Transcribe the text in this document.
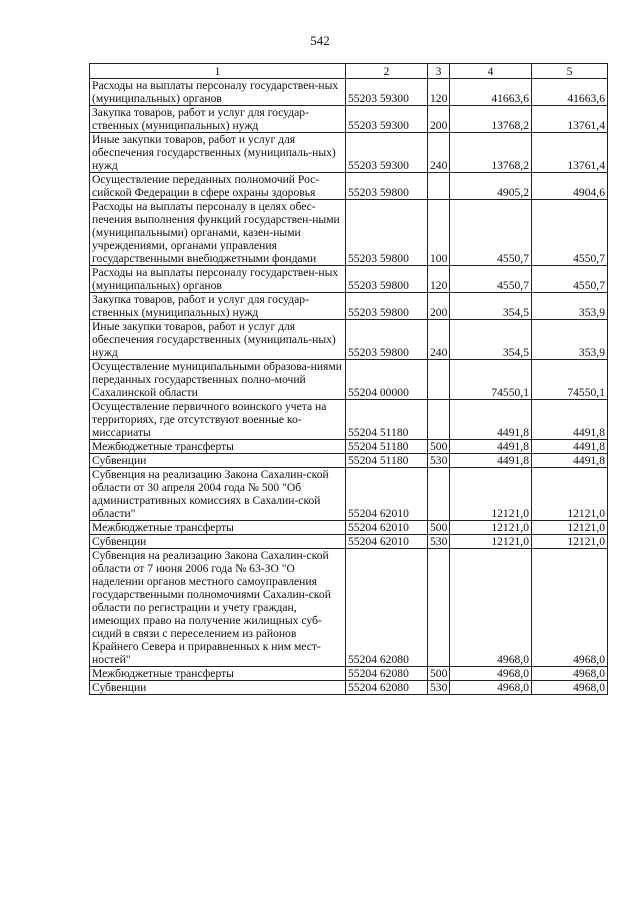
542
1	2	3	4	5
Расходы на выплаты персоналу государствен-ных (муниципальных) органов	55203 59300	120	41663,6	41663,6
Закупка товаров, работ и услуг для государ-ственных (муниципальных) нужд	55203 59300	200	13768,2	13761,4
Иные закупки товаров, работ и услуг для обеспечения государственных (муниципаль-ных) нужд	55203 59300	240	13768,2	13761,4
Осуществление переданных полномочий Рос-сийской Федерации в сфере охраны здоровья	55203 59800		4905,2	4904,6
Расходы на выплаты персоналу в целях обес-печения выполнения функций государствен-ными (муниципальными) органами, казен-ными учреждениями, органами управления государственными внебюджетными фондами	55203 59800	100	4550,7	4550,7
Расходы на выплаты персоналу государствен-ных (муниципальных) органов	55203 59800	120	4550,7	4550,7
Закупка товаров, работ и услуг для государ-ственных (муниципальных) нужд	55203 59800	200	354,5	353,9
Иные закупки товаров, работ и услуг для обеспечения государственных (муниципаль-ных) нужд	55203 59800	240	354,5	353,9
Осуществление муниципальными образова-ниями переданных государственных полно-мочий Сахалинской области	55204 00000		74550,1	74550,1
Осуществление первичного воинского учета на территориях, где отсутствуют военные ко-миссариаты	55204 51180		4491,8	4491,8
Межбюджетные трансферты	55204 51180	500	4491,8	4491,8
Субвенции	55204 51180	530	4491,8	4491,8
Субвенция на реализацию Закона Сахалин-ской области от 30 апреля 2004 года № 500 "Об административных комиссиях в Сахалин-ской области"	55204 62010		12121,0	12121,0
Межбюджетные трансферты	55204 62010	500	12121,0	12121,0
Субвенции	55204 62010	530	12121,0	12121,0
Субвенция на реализацию Закона Сахалин-ской области от 7 июня 2006 года № 63-ЗО "О наделении органов местного самоуправления государственными полномочиями Сахалин-ской области по регистрации и учету граждан, имеющих право на получение жилищных суб-сидий в связи с переселением из районов Крайнего Севера и приравненных к ним мест-ностей"	55204 62080		4968,0	4968,0
Межбюджетные трансферты	55204 62080	500	4968,0	4968,0
Субвенции	55204 62080	530	4968,0	4968,0
